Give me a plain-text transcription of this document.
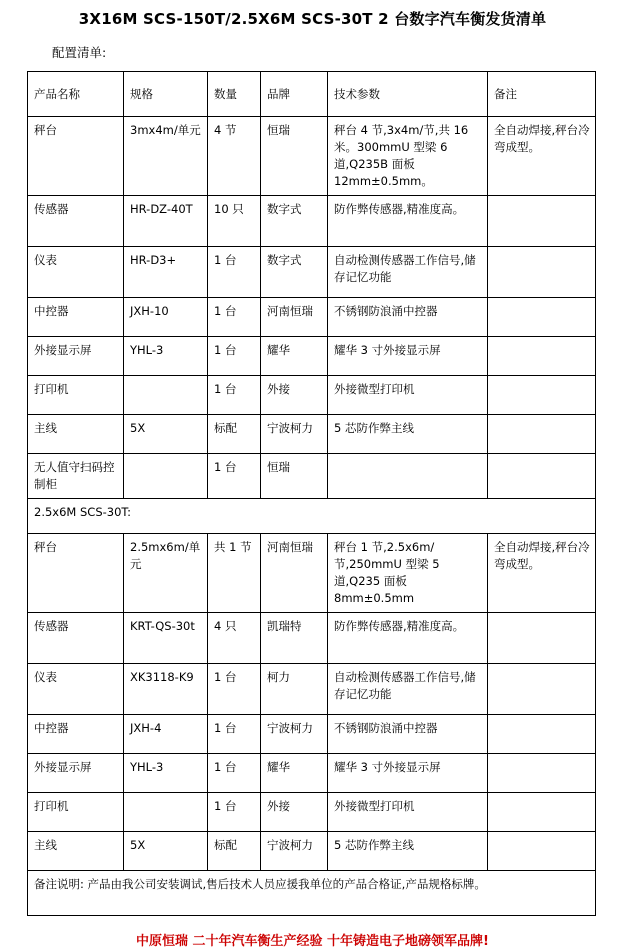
3X16M SCS-150T/2.5X6M SCS-30T 2 台数字汽车衡发货清单
配置清单:
产品名称	规格	数量	品牌	技术参数	备注
秤台	3mx4m/单元	4 节	恒瑞	秤台 4 节,3x4m/节,共 16 米。300mmU 型梁 6 道,Q235B 面板 12mm±0.5mm。	全自动焊接,秤台冷弯成型。
传感器	HR-DZ-40T	10 只	数字式	防作弊传感器,精准度高。	
仪表	HR-D3+	1 台	数字式	自动检测传感器工作信号,储存记忆功能	
中控器	JXH-10	1 台	河南恒瑞	不锈钢防浪涌中控器	
外接显示屏	YHL-3	1 台	耀华	耀华 3 寸外接显示屏	
打印机		1 台	外接	外接微型打印机	
主线	5X	标配	宁波柯力	5 芯防作弊主线	
无人值守扫码控制柜		1 台	恒瑞		
2.5x6M SCS-30T:					
秤台	2.5mx6m/单元	共 1 节	河南恒瑞	秤台 1 节,2.5x6m/节,250mmU 型梁 5 道,Q235 面板 8mm±0.5mm	全自动焊接,秤台冷弯成型。
传感器	KRT-QS-30t	4 只	凯瑞特	防作弊传感器,精准度高。	
仪表	XK3118-K9	1 台	柯力	自动检测传感器工作信号,储存记忆功能	
中控器	JXH-4	1 台	宁波柯力	不锈钢防浪涌中控器	
外接显示屏	YHL-3	1 台	耀华	耀华 3 寸外接显示屏	
打印机		1 台	外接	外接微型打印机	
主线	5X	标配	宁波柯力	5 芯防作弊主线	
备注说明: 产品由我公司安装调试,售后技术人员应援我单位的产品合格证,产品规格标牌。					
中原恒瑞 二十年汽车衡生产经验 十年铸造电子地磅领军品牌!
